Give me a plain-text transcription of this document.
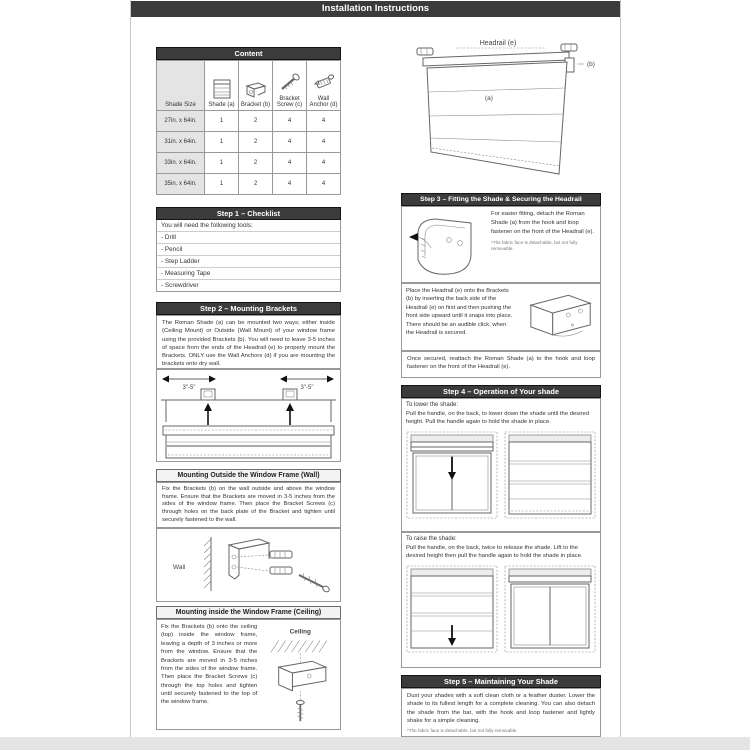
Installation Instructions
Content
Shade Size	Shade (a)	Bracket (b)	Bracket Screw (c)	Wall Anchor (d)
27in. x 64in.	1	2	4	4
31in. x 64in.	1	2	4	4
33in. x 64in.	1	2	4	4
35in. x 64in.	1	2	4	4
Step 1 – Checklist
You will need the following tools:
- Drill
- Pencil
- Step Ladder
- Measuring Tape
- Screwdriver
Step 2 – Mounting Brackets
The Roman Shade (a) can be mounted two ways; either inside (Ceiling Mount) or Outside (Wall Mount) of your window frame using the provided Brackets (b). You will need to leave 3-5 inches of space from the ends of the Headrail (e) to properly mount the Brackets. ONLY use the Wall Anchors (d) if you are mounting the brackets onto dry wall.
3"-5"	3"-5"
Mounting Outside the Window Frame (Wall)
Fix the Brackets (b) on the wall outside and above the window frame. Ensure that the Brackets are moved in 3-5 inches from the sides of the window frame. Then place the Bracket Screws (c) through holes on the back plate of the Bracket and tighten until securely fastened to the wall.
Wall
Mounting inside the Window Frame (Ceiling)
Fix the Brackets (b) onto the ceiling (top) inside the window frame, leaving a depth of 3 inches or more from the window. Ensure that the Brackets are moved in 3-5 inches from the sides of the window frame. Then place the Bracket Screws (c) through the top holes and tighten until securely fastened to the top of the window frame.
Ceiling
Headrail (e)
(b)
(a)
Step 3 – Fitting the Shade & Securing the Headrail
For easier fitting, detach the Roman Shade (a) from the hook and loop fastener on the front of the Headrail (e).
*The fabric face is detachable, but not fully removable.
Place the Headrail (e) onto the Brackets (b) by inserting the back side of the Headrail (e) on first and then pushing the front side upward until it snaps into place. There should be an audible click, when the Headrail is secured.
Once secured, reattach the Roman Shade (a) to the hook and loop fastener on the front of the Headrail (e).
Step 4 – Operation of Your shade
To lower the shade:
Pull the handle, on the back, to lower down the shade until the desired height. Pull the handle again to hold the shade in place.
To raise the shade:
Pull the handle, on the back, twice to release the shade. Lift to the desired height then pull the handle again to hold the shade in place.
Step 5 – Maintaining Your Shade
Dust your shades with a soft clean cloth or a feather duster. Lower the shade to its fullest length for a complete cleaning. You can also detach the shade from the bar, with the hook and loop fastener and lightly shake for a simple cleaning.
*The fabric face is detachable, but not fully removable.
